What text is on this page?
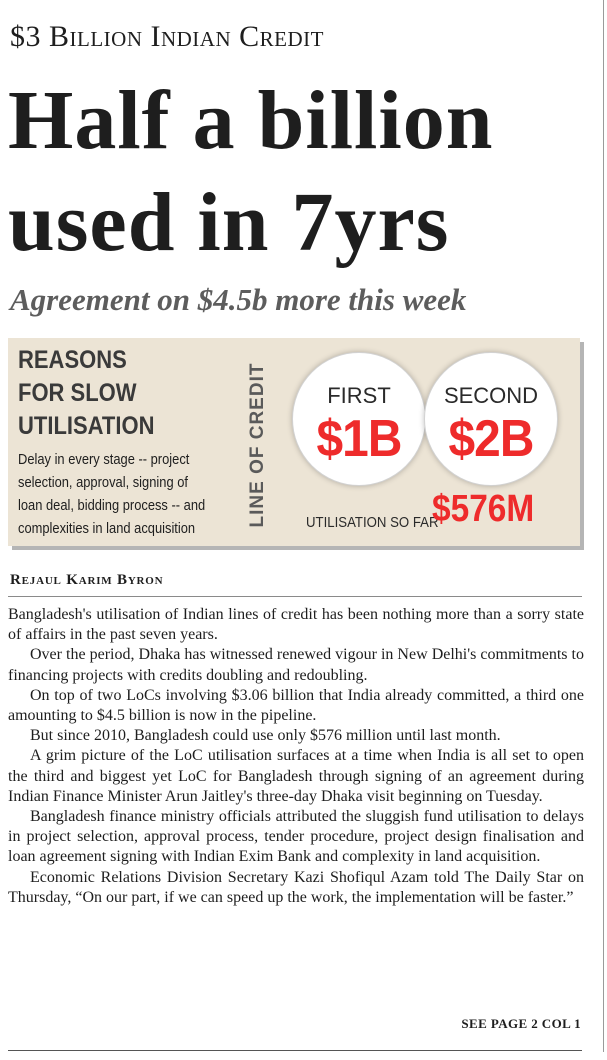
$3 Billion Indian Credit
Half a billion
used in 7yrs
Agreement on $4.5b more this week
REASONS
FOR SLOW
UTILISATION
Delay in every stage -- project
selection, approval, signing of
loan deal, bidding process -- and
complexities in land acquisition
LINE OF CREDIT	FIRST
$1B
SECOND
$2B
UTILISATION SO FAR
$576M
Rejaul Karim Byron

Bangladesh's utilisation of Indian lines of credit has been nothing more than a sorry state of affairs in the past seven years.

Over the period, Dhaka has witnessed renewed vigour in New Delhi's commitments to financing projects with credits doubling and redoubling.

On top of two LoCs involving $3.06 billion that India already committed, a third one amounting to $4.5 billion is now in the pipeline.

But since 2010, Bangladesh could use only $576 million until last month.

A grim picture of the LoC utilisation surfaces at a time when India is all set to open the third and biggest yet LoC for Bangladesh through signing of an agreement during Indian Finance Minister Arun Jaitley's three-day Dhaka visit beginning on Tuesday.

Bangladesh finance ministry officials attributed the sluggish fund utilisation to delays in project selection, approval process, tender procedure, project design finalisation and loan agreement signing with Indian Exim Bank and complexity in land acquisition.

Economic Relations Division Secretary Kazi Shofiqul Azam told The Daily Star on Thursday, “On our part, if we can speed up the work, the implementation will be faster.”

SEE PAGE 2 COL 1
